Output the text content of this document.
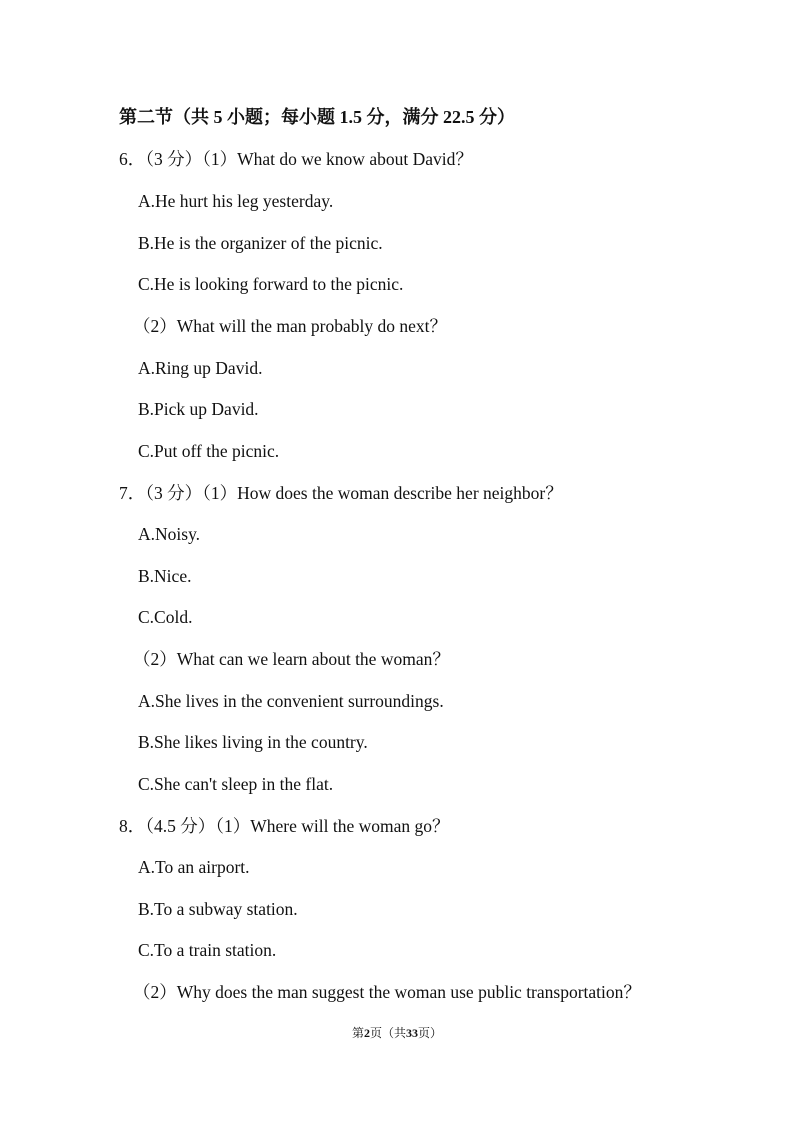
第二节（共 5 小题；每小题 1.5 分，满分 22.5 分）
6．（3 分）（1）What do we know about David？
A.He hurt his leg yesterday.
B.He is the organizer of the picnic.
C.He is looking forward to the picnic.
（2）What will the man probably do next？
A.Ring up David.
B.Pick up David.
C.Put off the picnic.
7．（3 分）（1）How does the woman describe her neighbor？
A.Noisy.
B.Nice.
C.Cold.
（2）What can we learn about the woman？
A.She lives in the convenient surroundings.
B.She likes living in the country.
C.She can't sleep in the flat.
8．（4.5 分）（1）Where will the woman go？
A.To an airport.
B.To a subway station.
C.To a train station.
（2）Why does the man suggest the woman use public transportation？
第2页（共33页）
